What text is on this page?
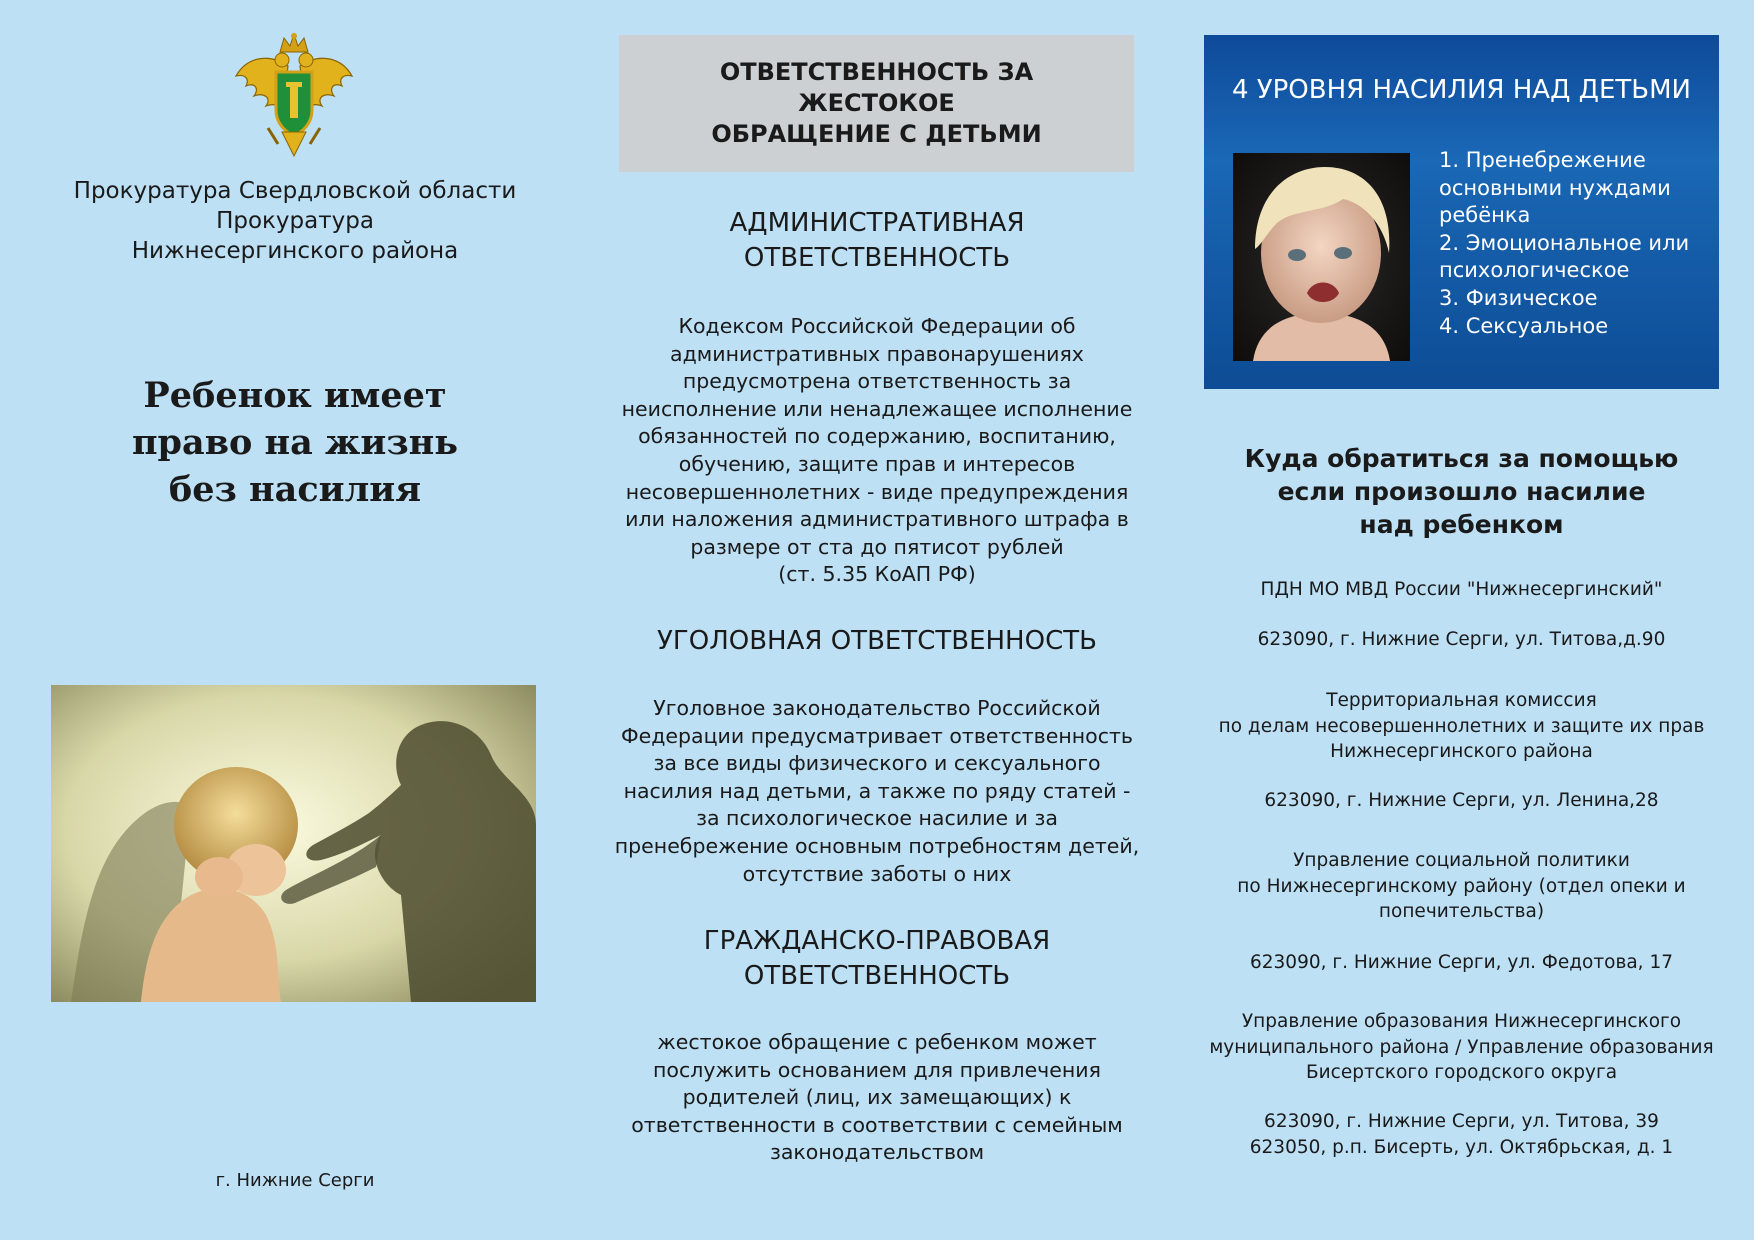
Прокуратура Свердловской области
Прокуратура
Нижнесергинского района
Ребенок имеет
право на жизнь
без насилия
г. Нижние Серги
ОТВЕТСТВЕННОСТЬ ЗА ЖЕСТОКОЕ
ОБРАЩЕНИЕ С ДЕТЬМИ
АДМИНИСТРАТИВНАЯ
ОТВЕТСТВЕННОСТЬ
Кодексом Российской Федерации об
административных правонарушениях
предусмотрена ответственность за
неисполнение или ненадлежащее исполнение
обязанностей по содержанию, воспитанию,
обучению, защите прав и интересов
несовершеннолетних - виде предупреждения
или наложения административного штрафа в
размере от ста до пятисот рублей
(ст. 5.35 КоАП РФ)
УГОЛОВНАЯ ОТВЕТСТВЕННОСТЬ
Уголовное законодательство Российской
Федерации предусматривает ответственность
за все виды физического и сексуального
насилия над детьми, а также по ряду статей -
за психологическое насилие и за
пренебрежение основным потребностям детей,
отсутствие заботы о них
ГРАЖДАНСКО-ПРАВОВАЯ
ОТВЕТСТВЕННОСТЬ
жестокое обращение с ребенком может
послужить основанием для привлечения
родителей (лиц, их замещающих) к
ответственности в соответствии с семейным
законодательством
4 УРОВНЯ НАСИЛИЯ НАД ДЕТЬМИ
1. Пренебрежение
основными нуждами
ребёнка
2. Эмоциональное или
психологическое
3. Физическое
4. Сексуальное
Куда обратиться за помощью
если произошло насилие
над ребенком
ПДН МО МВД России "Нижнесергинский"
623090, г. Нижние Серги, ул. Титова,д.90
Территориальная комиссия
по делам несовершеннолетних и защите их прав
Нижнесергинского района
623090, г. Нижние Серги, ул. Ленина,28
Управление социальной политики
по Нижнесергинскому району (отдел опеки и
попечительства)
623090, г. Нижние Серги, ул. Федотова, 17
Управление образования Нижнесергинского
муниципального района / Управление образования
Бисертского городского округа
623090, г. Нижние Серги, ул. Титова, 39
623050, р.п. Бисерть, ул. Октябрьская, д. 1
